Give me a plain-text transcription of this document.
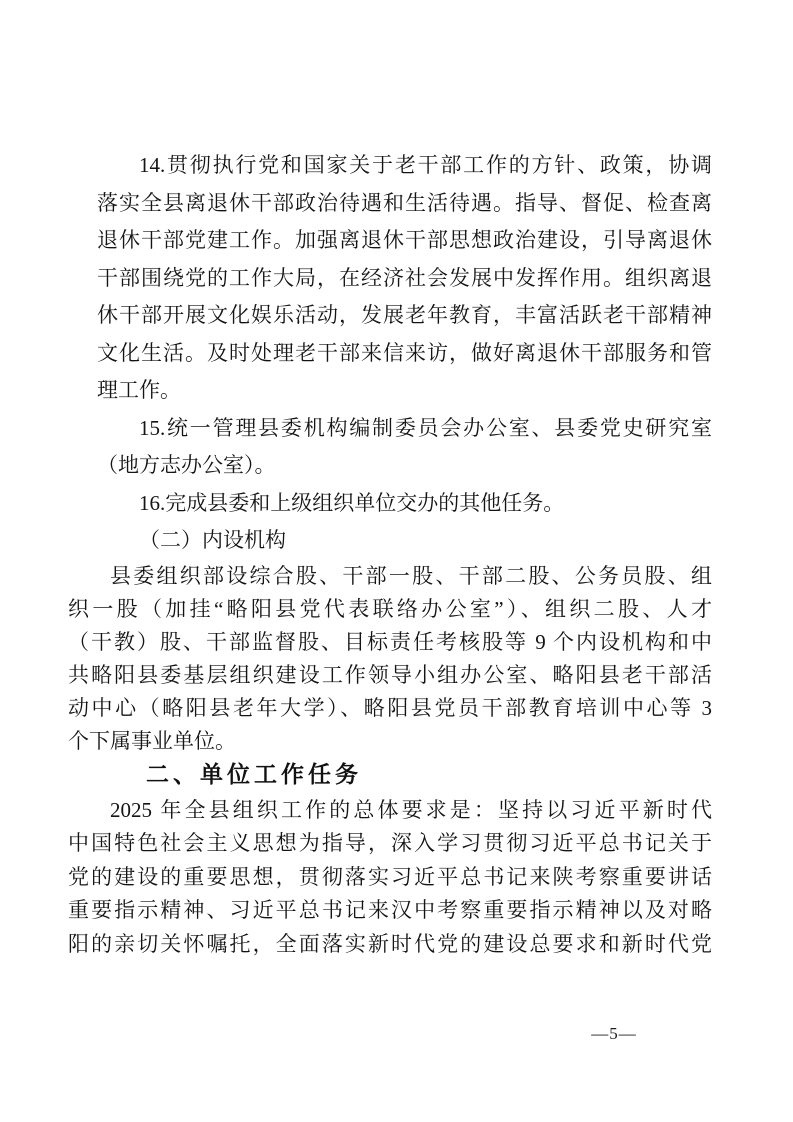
14.贯彻执行党和国家关于老干部工作的方针、政策，协调
落实全县离退休干部政治待遇和生活待遇。指导、督促、检查离
退休干部党建工作。加强离退休干部思想政治建设，引导离退休
干部围绕党的工作大局，在经济社会发展中发挥作用。组织离退
休干部开展文化娱乐活动，发展老年教育，丰富活跃老干部精神
文化生活。及时处理老干部来信来访，做好离退休干部服务和管
理工作。
15.统一管理县委机构编制委员会办公室、县委党史研究室
（地方志办公室）。
16.完成县委和上级组织单位交办的其他任务。
（二）内设机构
县委组织部设综合股、干部一股、干部二股、公务员股、组
织一股（加挂“略阳县党代表联络办公室”）、组织二股、人才
（干教）股、干部监督股、目标责任考核股等 9 个内设机构和中
共略阳县委基层组织建设工作领导小组办公室、略阳县老干部活
动中心（略阳县老年大学）、略阳县党员干部教育培训中心等 3
个下属事业单位。
二、单位工作任务
2025 年全县组织工作的总体要求是：坚持以习近平新时代
中国特色社会主义思想为指导，深入学习贯彻习近平总书记关于
党的建设的重要思想，贯彻落实习近平总书记来陕考察重要讲话
重要指示精神、习近平总书记来汉中考察重要指示精神以及对略
阳的亲切关怀嘱托，全面落实新时代党的建设总要求和新时代党
—5—
